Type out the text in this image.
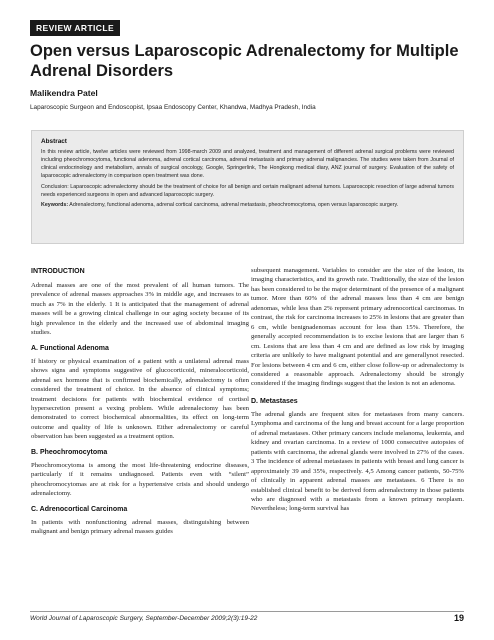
REVIEW ARTICLE
Open versus Laparoscopic Adrenalectomy for Multiple Adrenal Disorders
Malikendra Patel
Laparoscopic Surgeon and Endoscopist, Ipsaa Endoscopy Center, Khandwa, Madhya Pradesh, India
Abstract
In this review article, twelve articles were reviewed from 1998-march 2009 and analyzed, treatment and management of different adrenal surgical problems were reviewed including pheochromocytoma, functional adenoma, adrenal cortical carcinoma, adrenal metastasis and primary adrenal malignancies. The studies were taken from Journal of clinical endocrinology and metabolism, annals of surgical oncology, Google, Springerlink, The Hongkong medical diary, ANZ journal of surgery. Evaluation of the safety of laparoscopic adrenalectomy in comparison open treatment was done.
Conclusion: Laparoscopic adrenalectomy should be the treatment of choice for all benign and certain malignant adrenal tumors. Laparoscopic resection of large adrenal tumors needs experienced surgeons in open and advanced laparoscopic surgery.
Keywords: Adrenalectomy, functional adenoma, adrenal cortical carcinoma, adrenal metastasis, pheochromocytoma, open versus laparoscopic surgery.
INTRODUCTION

Adrenal masses are one of the most prevalent of all human tumors. The prevalence of adrenal masses approaches 3% in middle age, and increases to as much as 7% in the elderly. 1 It is anticipated that the management of adrenal masses will be a growing clinical challenge in our aging society because of its high prevalence in the elderly and the increased use of abdominal imaging studies.

A. Functional Adenoma

If history or physical examination of a patient with a unilateral adrenal mass shows signs and symptoms suggestive of glucocorticoid, mineralocorticoid, adrenal sex hormone that is confirmed biochemically, adrenalectomy is often considered the treatment of choice. In the absence of clinical symptoms; treatment decisions for patients with biochemical evidence of cortisol hypersecretion present a vexing problem. While adrenalectomy has been demonstrated to correct biochemical abnormalities, its effect on long-term outcome and quality of life is unknown. Either adrenalectomy or careful observation has been suggested as a treatment option.

B. Pheochromocytoma

Pheochromocytoma is among the most life-threatening endocrine diseases, particularly if it remains undiagnosed. Patients even with “silent” pheochromocytomas are at risk for a hypertensive crisis and should undergo adrenalectomy.

C. Adrenocortical Carcinoma

In patients with nonfunctioning adrenal masses, distinguishing between malignant and benign primary adrenal masses guides

subsequent management. Variables to consider are the size of the lesion, its imaging characteristics, and its growth rate. Traditionally, the size of the lesion has been considered to be the major determinant of the presence of a malignant tumor. More than 60% of the adrenal masses less than 4 cm are benign adenomas, while less than 2% represent primary adrenocortical carcinomas. In contrast, the risk for carcinoma increases to 25% in lesions that are greater than 6 cm, while benignadenomas account for less than 15%. Therefore, the generally accepted recommendation is to excise lesions that are larger than 6 cm. Lesions that are less than 4 cm and are defined as low risk by imaging criteria are unlikely to have malignant potential and are generallynot resected. For lesions between 4 cm and 6 cm, either close follow-up or adrenalectomy is considered a reasonable approach. Adrenalectomy should be strongly considered if the imaging findings suggest that the lesion is not an adenoma.

D. Metastases

The adrenal glands are frequent sites for metastases from many cancers. Lymphoma and carcinoma of the lung and breast account for a large proportion of adrenal metastases. Other primary cancers include melanoma, leukemia, and kidney and ovarian carcinoma. In a review of 1000 consecutive autopsies of patients with carcinoma, the adrenal glands were involved in 27% of the cases. 3 The incidence of adrenal metastases in patients with breast and lung cancer is approximately 39 and 35%, respectively. 4,5 Among cancer patients, 50-75% of clinically in apparent adrenal masses are metastases. 6 There is no established clinical benefit to be derived form adrenalectomy in those patients who are diagnosed with a metastasis from a known primary neoplasm. Nevertheless; long-term survival has

World Journal of Laparoscopic Surgery, September-December 2009;2(3):19-22	19
